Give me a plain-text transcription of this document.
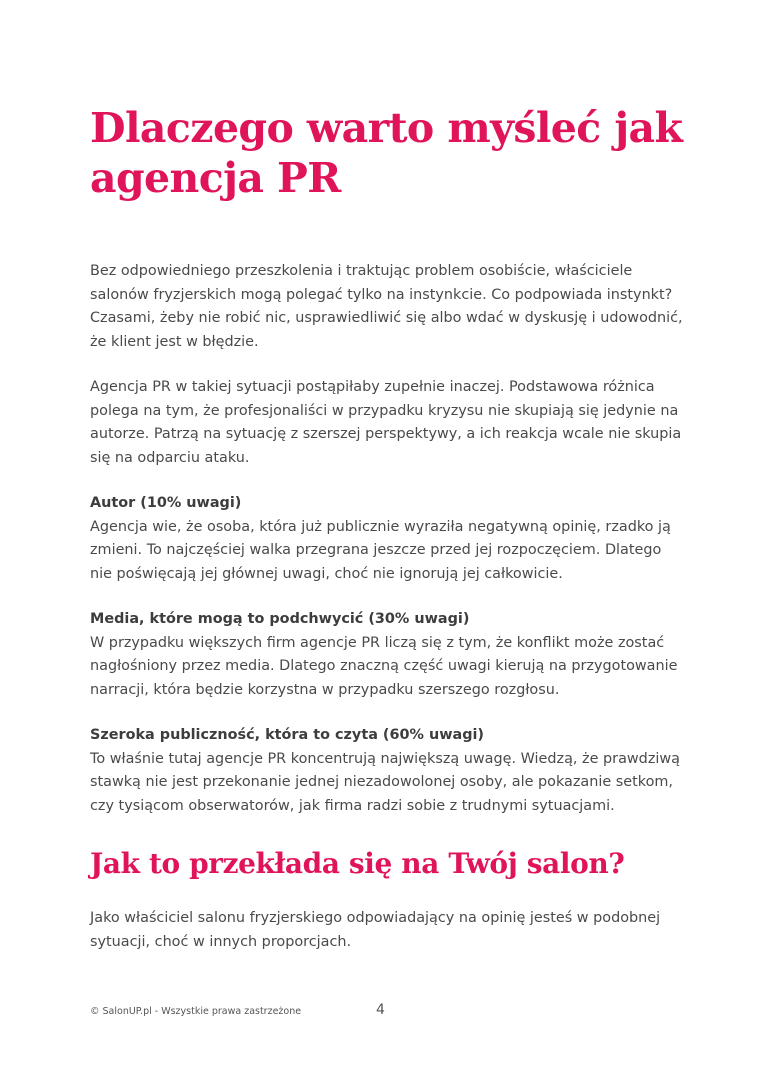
Dlaczego warto myśleć jak
agencja PR

Bez odpowiedniego przeszkolenia i traktując problem osobiście, właściciele
salonów fryzjerskich mogą polegać tylko na instynkcie. Co podpowiada instynkt?
Czasami, żeby nie robić nic, usprawiedliwić się albo wdać w dyskusję i udowodnić,
że klient jest w błędzie.

Agencja PR w takiej sytuacji postąpiłaby zupełnie inaczej. Podstawowa różnica
polega na tym, że profesjonaliści w przypadku kryzysu nie skupiają się jedynie na
autorze. Patrzą na sytuację z szerszej perspektywy, a ich reakcja wcale nie skupia
się na odparciu ataku.

Autor (10% uwagi)
Agencja wie, że osoba, która już publicznie wyraziła negatywną opinię, rzadko ją
zmieni. To najczęściej walka przegrana jeszcze przed jej rozpoczęciem. Dlatego
nie poświęcają jej głównej uwagi, choć nie ignorują jej całkowicie.
Media, które mogą to podchwycić (30% uwagi)
W przypadku większych firm agencje PR liczą się z tym, że konflikt może zostać
nagłośniony przez media. Dlatego znaczną część uwagi kierują na przygotowanie
narracji, która będzie korzystna w przypadku szerszego rozgłosu.
Szeroka publiczność, która to czyta (60% uwagi)
To właśnie tutaj agencje PR koncentrują największą uwagę. Wiedzą, że prawdziwą
stawką nie jest przekonanie jednej niezadowolonej osoby, ale pokazanie setkom,
czy tysiącom obserwatorów, jak firma radzi sobie z trudnymi sytuacjami.
Jak to przekłada się na Twój salon?

Jako właściciel salonu fryzjerskiego odpowiadający na opinię jesteś w podobnej
sytuacji, choć w innych proporcjach.

© SalonUP.pl - Wszystkie prawa zastrzeżone	4
